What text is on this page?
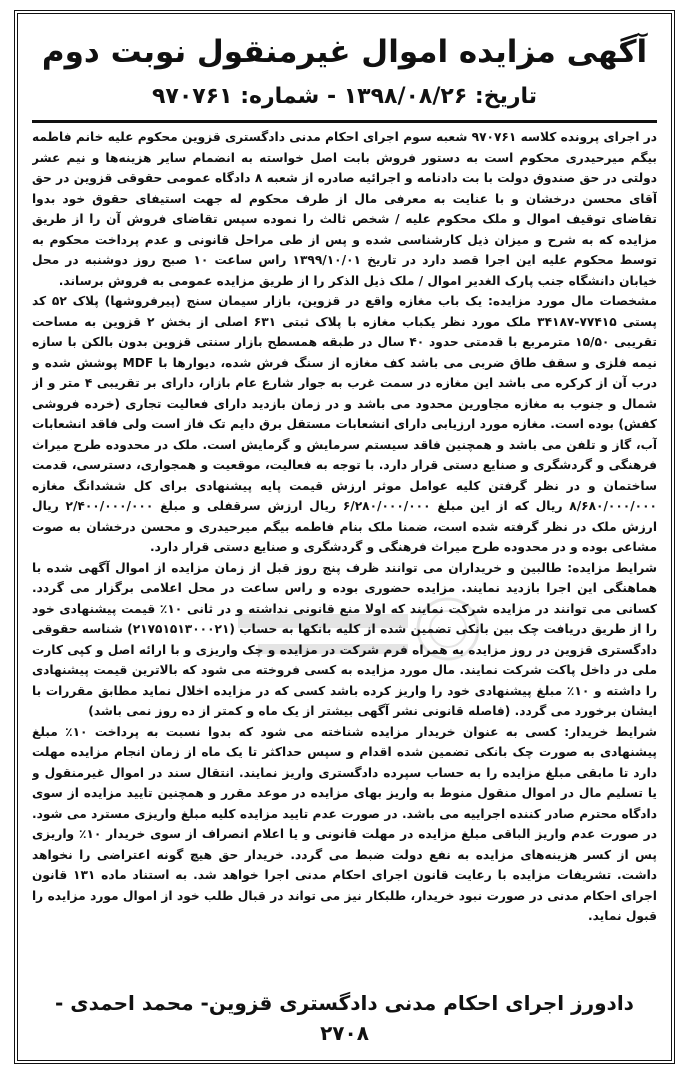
آگهی مزایده اموال غیرمنقول نوبت دوم
تاریخ: ۱۳۹۸/۰۸/۲۶ - شماره: ۹۷۰۷۶۱

در اجرای پرونده کلاسه ۹۷۰۷۶۱ شعبه سوم اجرای احکام مدنی دادگستری قزوین محکوم علیه خانم فاطمه بیگم میرحیدری محکوم است به دستور فروش بابت اصل خواسته به انضمام سایر هزینه‌ها و نیم عشر دولتی در حق صندوق دولت با بت دادنامه و اجرائیه صادره از شعبه ۸ دادگاه عمومی حقوقی قزوین در حق آقای محسن درخشان و با عنایت به معرفی مال از طرف محکوم له جهت استیفای حقوق خود بدوا تقاضای توقیف اموال و ملک محکوم علیه / شخص ثالث را نموده سپس تقاضای فروش آن را از طریق مزایده که به شرح و میزان ذیل کارشناسی شده و پس از طی مراحل قانونی و عدم پرداخت محکوم به توسط محکوم علیه این اجرا قصد دارد در تاریخ ۱۳۹۹/۱۰/۰۱ راس ساعت ۱۰ صبح روز دوشنبه در محل خیابان دانشگاه جنب پارک الغدیر اموال / ملک ذیل الذکر را از طریق مزایده عمومی به فروش برساند.

مشخصات مال مورد مزایده: یک باب مغازه واقع در قزوین، بازار سیمان سنج (پیرفروشها) پلاک ۵۲ کد پستی ۷۷۴۱۵-۳۴۱۸۷ ملک مورد نظر یکباب مغازه با پلاک ثبتی ۶۳۱ اصلی از بخش ۲ قزوین به مساحت تقریبی ۱۵/۵۰ مترمربع با قدمتی حدود ۴۰ سال در طبقه همسطح بازار سنتی قزوین بدون بالکن با سازه نیمه فلزی و سقف طاق ضربی می باشد کف مغازه از سنگ فرش شده، دیوارها با MDF پوشش شده و درب آن از کرکره می باشد این مغازه در سمت غرب به جوار شارع عام بازار، دارای بر تقریبی ۴ متر و از شمال و جنوب به مغازه مجاورین محدود می باشد و در زمان بازدید دارای فعالیت تجاری (خرده فروشی کفش) بوده است. مغازه مورد ارزیابی دارای انشعابات مستقل برق دایم تک فاز است ولی فاقد انشعابات آب، گاز و تلفن می باشد و همچنین فاقد سیستم سرمایش و گرمایش است. ملک در محدوده طرح میراث فرهنگی و گردشگری و صنایع دستی قرار دارد. با توجه به فعالیت، موقعیت و همجواری، دسترسی، قدمت ساختمان و در نظر گرفتن کلیه عوامل موثر ارزش قیمت پایه پیشنهادی برای کل ششدانگ مغازه ۸/۶۸۰/۰۰۰/۰۰۰ ریال که از این مبلغ ۶/۲۸۰/۰۰۰/۰۰۰ ریال ارزش سرقفلی و مبلغ ۲/۴۰۰/۰۰۰/۰۰۰ ریال ارزش ملک در نظر گرفته شده است، ضمنا ملک بنام فاطمه بیگم میرحیدری و محسن درخشان به صوت مشاعی بوده و در محدوده طرح میراث فرهنگی و گردشگری و صنایع دستی قرار دارد.

شرایط مزایده: طالبین و خریداران می توانند ظرف پنج روز قبل از زمان مزایده از اموال آگهی شده با هماهنگی این اجرا بازدید نمایند. مزایده حضوری بوده و راس ساعت در محل اعلامی برگزار می گردد. کسانی می توانند در مزایده شرکت نمایند که اولا منع قانونی نداشته و در ثانی ۱۰٪ قیمت پیشنهادی خود را از طریق دریافت چک بین بانکی تضمین شده از کلیه بانکها به حساب (۲۱۷۵۱۵۱۳۰۰۰۲۱) شناسه حقوقی دادگستری قزوین در روز مزایده به همراه فرم شرکت در مزایده و چک واریزی و با ارائه اصل و کپی کارت ملی در داخل پاکت شرکت نمایند. مال مورد مزایده به کسی فروخته می شود که بالاترین قیمت پیشنهادی را داشته و ۱۰٪ مبلغ پیشنهادی خود را واریز کرده باشد کسی که در مزایده اخلال نماید مطابق مقررات با ایشان برخورد می گردد. (فاصله قانونی نشر آگهی بیشتر از یک ماه و کمتر از ده روز نمی باشد)

شرایط خریدار: کسی به عنوان خریدار مزایده شناخته می شود که بدوا نسبت به پرداخت ۱۰٪ مبلغ پیشنهادی به صورت چک بانکی تضمین شده اقدام و سپس حداکثر تا یک ماه از زمان انجام مزایده مهلت دارد تا مابقی مبلغ مزایده را به حساب سپرده دادگستری واریز نمایند. انتقال سند در اموال غیرمنقول و یا تسلیم مال در اموال منقول منوط به واریز بهای مزایده در موعد مقرر و همچنین تایید مزایده از سوی دادگاه محترم صادر کننده اجراییه می باشد. در صورت عدم تایید مزایده کلیه مبلغ واریزی مسترد می شود. در صورت عدم واریز الباقی مبلغ مزایده در مهلت قانونی و یا اعلام انصراف از سوی خریدار ۱۰٪ واریزی پس از کسر هزینه‌های مزایده به نفع دولت ضبط می گردد. خریدار حق هیچ گونه اعتراضی را نخواهد داشت. تشریفات مزایده با رعایت قانون اجرای احکام مدنی اجرا خواهد شد. به استناد ماده ۱۳۱ قانون اجرای احکام مدنی در صورت نبود خریدار، طلبکار نیز می تواند در قبال طلب خود از اموال مورد مزایده را قبول نماید.

دادورز اجرای احکام مدنی دادگستری قزوین- محمد احمدی - ۲۷۰۸
